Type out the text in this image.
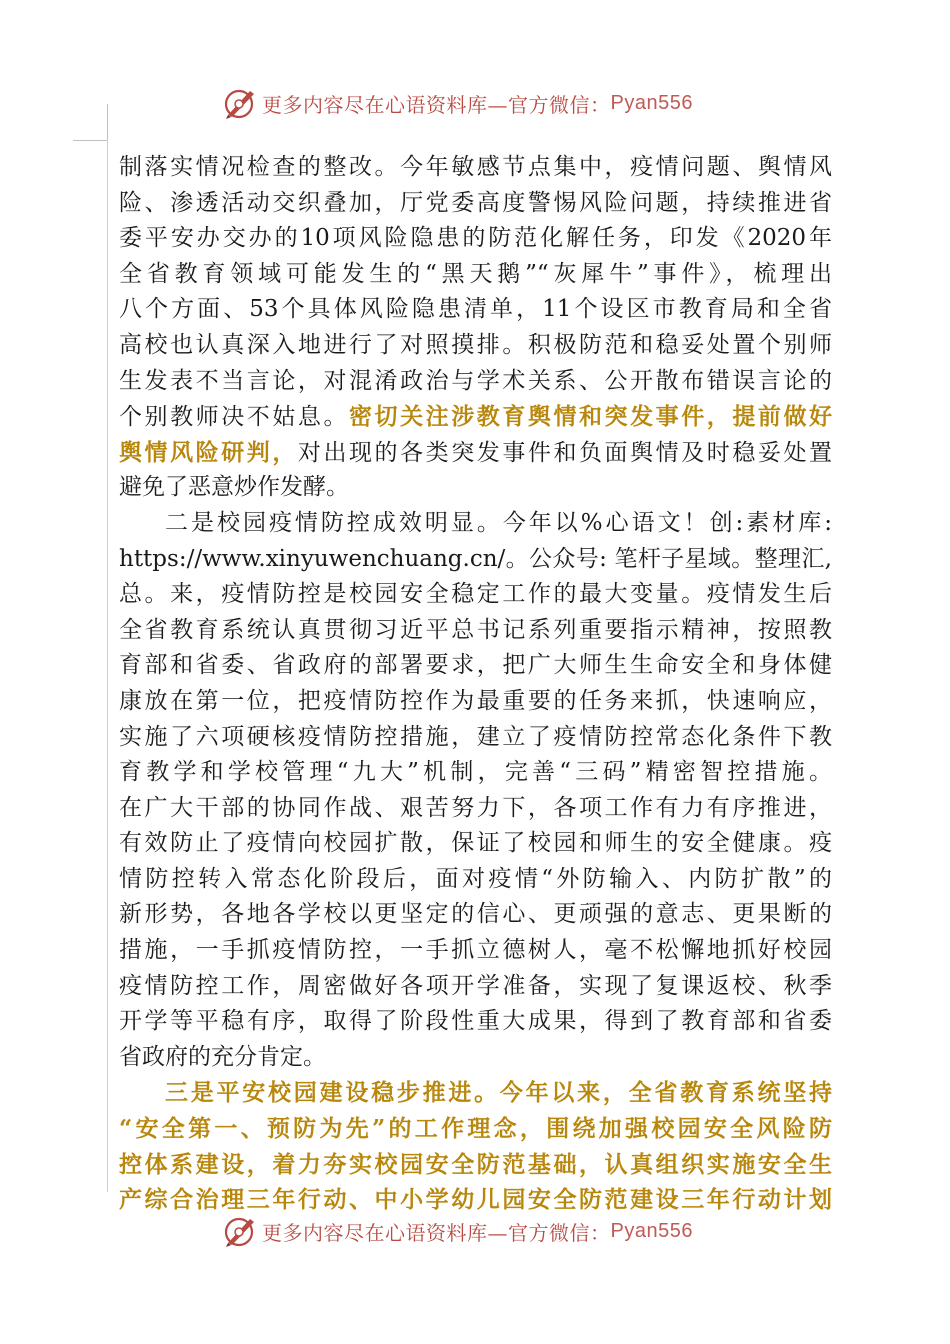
更多内容尽在心语资料库—官方微信： Pyan556
制落实情况检查的整改。今年敏感节点集中，疫情问题、舆情风
险、渗透活动交织叠加，厅党委高度警惕风险问题，持续推进省
委平安办交办的10项风险隐患的防范化解任务，印发《2020年
全省教育领域可能发生的“黑天鹅”“灰犀牛”事件》，梳理出
八个方面、53个具体风险隐患清单，11个设区市教育局和全省
高校也认真深入地进行了对照摸排。积极防范和稳妥处置个别师
生发表不当言论，对混淆政治与学术关系、公开散布错误言论的
个别教师决不姑息。密切关注涉教育舆情和突发事件，提前做好
舆情风险研判，对出现的各类突发事件和负面舆情及时稳妥处置
避免了恶意炒作发酵。
二是校园疫情防控成效明显。今年以%心语文！创:素材库:
https://www.xinyuwenchuang.cn/。公众号: 笔杆子星域。整理汇,
总。来，疫情防控是校园安全稳定工作的最大变量。疫情发生后
全省教育系统认真贯彻习近平总书记系列重要指示精神，按照教
育部和省委、省政府的部署要求，把广大师生生命安全和身体健
康放在第一位，把疫情防控作为最重要的任务来抓，快速响应，
实施了六项硬核疫情防控措施，建立了疫情防控常态化条件下教
育教学和学校管理“九大”机制，完善“三码”精密智控措施。
在广大干部的协同作战、艰苦努力下，各项工作有力有序推进，
有效防止了疫情向校园扩散，保证了校园和师生的安全健康。疫
情防控转入常态化阶段后，面对疫情“外防输入、内防扩散”的
新形势，各地各学校以更坚定的信心、更顽强的意志、更果断的
措施，一手抓疫情防控，一手抓立德树人，毫不松懈地抓好校园
疫情防控工作，周密做好各项开学准备，实现了复课返校、秋季
开学等平稳有序，取得了阶段性重大成果，得到了教育部和省委
省政府的充分肯定。
三是平安校园建设稳步推进。今年以来，全省教育系统坚持
“安全第一、预防为先”的工作理念，围绕加强校园安全风险防
控体系建设，着力夯实校园安全防范基础，认真组织实施安全生
产综合治理三年行动、中小学幼儿园安全防范建设三年行动计划
更多内容尽在心语资料库—官方微信： Pyan556
